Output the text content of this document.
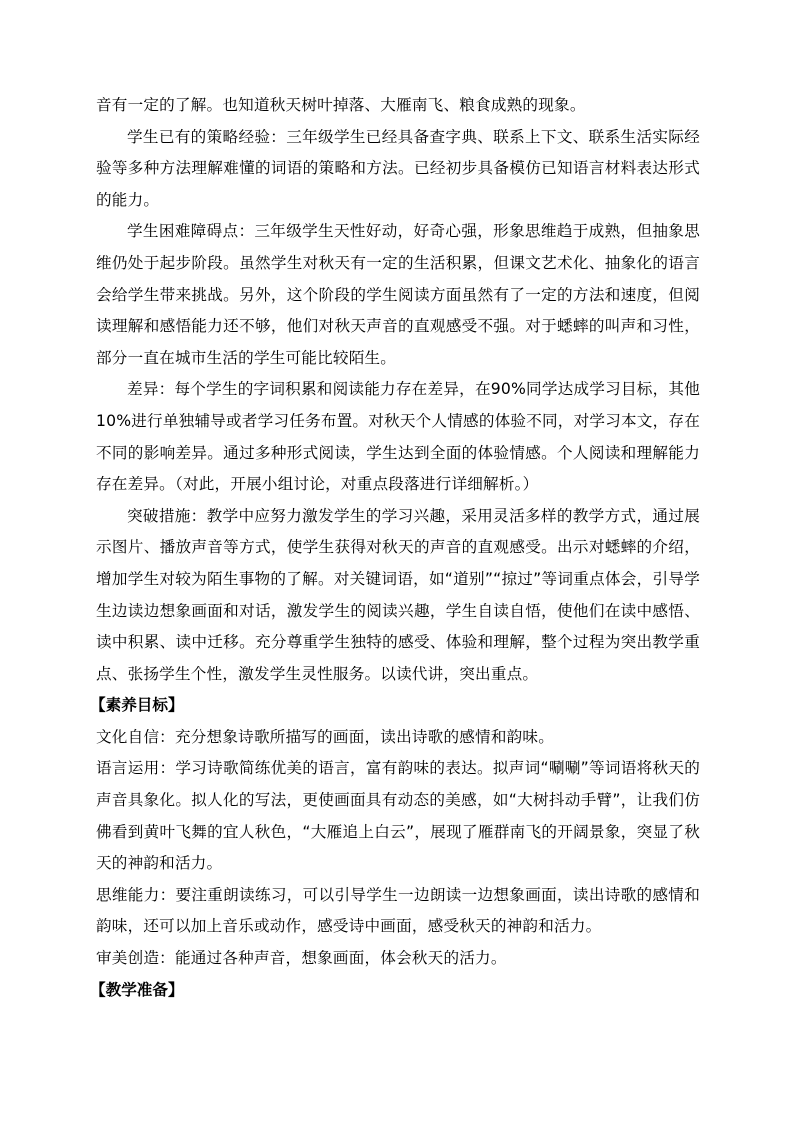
音有一定的了解。也知道秋天树叶掉落、大雁南飞、粮食成熟的现象。

学生已有的策略经验：三年级学生已经具备查字典、联系上下文、联系生活实际经验等多种方法理解难懂的词语的策略和方法。已经初步具备模仿已知语言材料表达形式的能力。

学生困难障碍点：三年级学生天性好动，好奇心强，形象思维趋于成熟，但抽象思维仍处于起步阶段。虽然学生对秋天有一定的生活积累，但课文艺术化、抽象化的语言会给学生带来挑战。另外，这个阶段的学生阅读方面虽然有了一定的方法和速度，但阅读理解和感悟能力还不够，他们对秋天声音的直观感受不强。对于蟋蟀的叫声和习性，部分一直在城市生活的学生可能比较陌生。

差异：每个学生的字词积累和阅读能力存在差异，在90%同学达成学习目标，其他10%进行单独辅导或者学习任务布置。对秋天个人情感的体验不同，对学习本文，存在不同的影响差异。通过多种形式阅读，学生达到全面的体验情感。个人阅读和理解能力存在差异。（对此，开展小组讨论，对重点段落进行详细解析。）

突破措施：教学中应努力激发学生的学习兴趣，采用灵活多样的教学方式，通过展示图片、播放声音等方式，使学生获得对秋天的声音的直观感受。出示对蟋蟀的介绍，增加学生对较为陌生事物的了解。对关键词语，如“道别”“掠过”等词重点体会，引导学生边读边想象画面和对话，激发学生的阅读兴趣，学生自读自悟，使他们在读中感悟、读中积累、读中迁移。充分尊重学生独特的感受、体验和理解，整个过程为突出教学重点、张扬学生个性，激发学生灵性服务。以读代讲，突出重点。

【素养目标】

文化自信：充分想象诗歌所描写的画面，读出诗歌的感情和韵味。

语言运用：学习诗歌简练优美的语言，富有韵味的表达。拟声词“唰唰”等词语将秋天的声音具象化。拟人化的写法，更使画面具有动态的美感，如“大树抖动手臂”，让我们仿佛看到黄叶飞舞的宜人秋色，“大雁追上白云”，展现了雁群南飞的开阔景象，突显了秋天的神韵和活力。

思维能力：要注重朗读练习，可以引导学生一边朗读一边想象画面，读出诗歌的感情和韵味，还可以加上音乐或动作，感受诗中画面，感受秋天的神韵和活力。

审美创造：能通过各种声音，想象画面，体会秋天的活力。

【教学准备】
